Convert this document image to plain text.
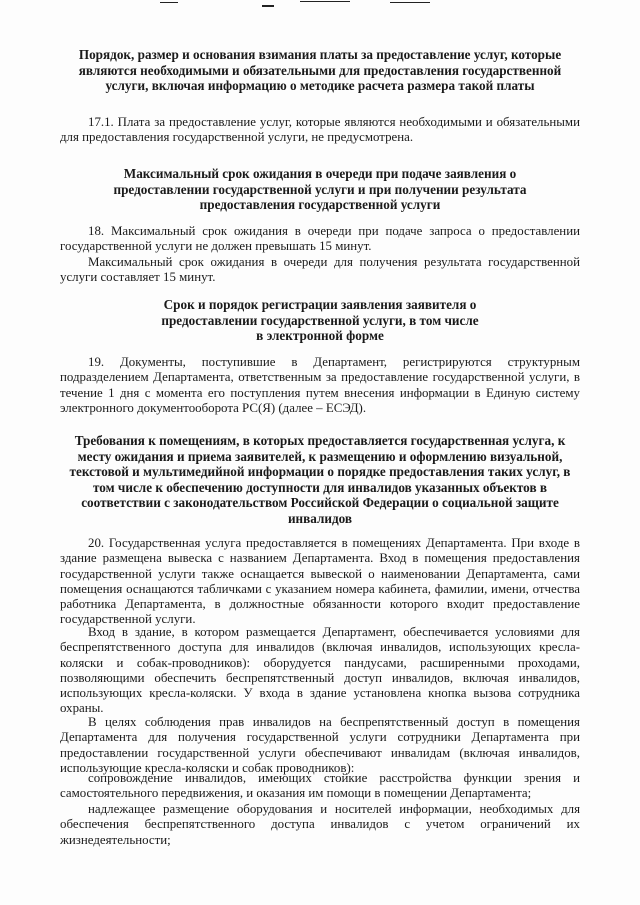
Порядок, размер и основания взимания платы за предоставление услуг, которые являются необходимыми и обязательными для предоставления государственной услуги, включая информацию о методике расчета размера такой платы

17.1. Плата за предоставление услуг, которые являются необходимыми и обязательными для предоставления государственной услуги, не предусмотрена.

Максимальный срок ожидания в очереди при подаче заявления о предоставлении государственной услуги и при получении результата предоставления государственной услуги

18. Максимальный срок ожидания в очереди при подаче запроса о предоставлении государственной услуги не должен превышать 15 минут.

Максимальный срок ожидания в очереди для получения результата государственной услуги составляет 15 минут.

Срок и порядок регистрации заявления заявителя о предоставлении государственной услуги, в том числе в электронной форме

19. Документы, поступившие в Департамент, регистрируются структурным подразделением Департамента, ответственным за предоставление государственной услуги, в течение 1 дня с момента его поступления путем внесения информации в Единую систему электронного документооборота РС(Я) (далее – ЕСЭД).

Требования к помещениям, в которых предоставляется государственная услуга, к месту ожидания и приема заявителей, к размещению и оформлению визуальной, текстовой и мультимедийной информации о порядке предоставления таких услуг, в том числе к обеспечению доступности для инвалидов указанных объектов в соответствии с законодательством Российской Федерации о социальной защите инвалидов

20. Государственная услуга предоставляется в помещениях Департамента. При входе в здание размещена вывеска с названием Департамента. Вход в помещения предоставления государственной услуги также оснащается вывеской о наименовании Департамента, сами помещения оснащаются табличками с указанием номера кабинета, фамилии, имени, отчества работника Департамента, в должностные обязанности которого входит предоставление государственной услуги.

Вход в здание, в котором размещается Департамент, обеспечивается условиями для беспрепятственного доступа для инвалидов (включая инвалидов, использующих кресла-коляски и собак-проводников): оборудуется пандусами, расширенными проходами, позволяющими обеспечить беспрепятственный доступ инвалидов, включая инвалидов, использующих кресла-коляски. У входа в здание установлена кнопка вызова сотрудника охраны.

В целях соблюдения прав инвалидов на беспрепятственный доступ в помещения Департамента для получения государственной услуги сотрудники Департамента при предоставлении государственной услуги обеспечивают инвалидам (включая инвалидов, использующие кресла-коляски и собак проводников):

сопровождение инвалидов, имеющих стойкие расстройства функции зрения и самостоятельного передвижения, и оказания им помощи в помещении Департамента;

надлежащее размещение оборудования и носителей информации, необходимых для обеспечения беспрепятственного доступа инвалидов с учетом ограничений их жизнедеятельности;
